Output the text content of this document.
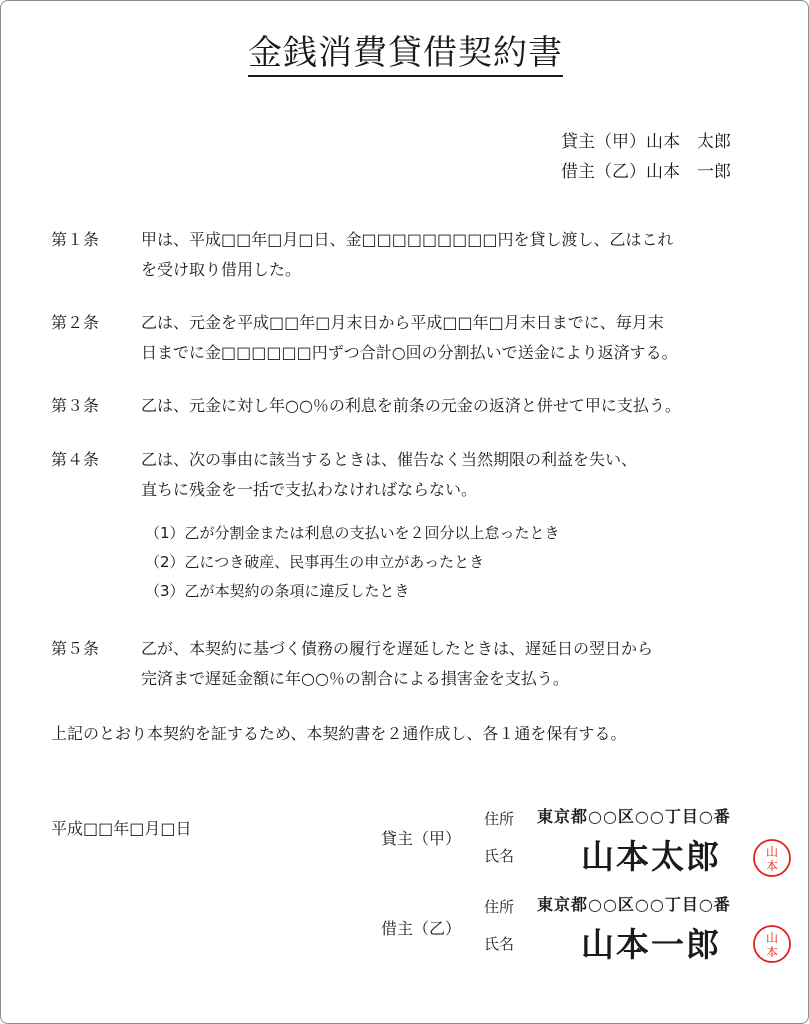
金銭消費貸借契約書
貸主（甲）山本　太郎
借主（乙）山本　一郎
第１条	甲は、平成□□年□月□日、金□□□□□□□□□円を貸し渡し、乙はこれ
を受け取り借用した。
第２条	乙は、元金を平成□□年□月末日から平成□□年□月末日までに、毎月末
日までに金□□□□□□円ずつ合計○回の分割払いで送金により返済する。
第３条	乙は、元金に対し年○○％の利息を前条の元金の返済と併せて甲に支払う。
第４条	乙は、次の事由に該当するときは、催告なく当然期限の利益を失い、
直ちに残金を一括で支払わなければならない。
（1）乙が分割金または利息の支払いを２回分以上怠ったとき
（2）乙につき破産、民事再生の申立があったとき
（3）乙が本契約の条項に違反したとき
第５条	乙が、本契約に基づく債務の履行を遅延したときは、遅延日の翌日から
完済まで遅延金額に年○○％の割合による損害金を支払う。
上記のとおり本契約を証するため、本契約書を２通作成し、各１通を保有する。
平成□□年□月□日
貸主（甲）
住所 東京都○○区○○丁目○番
氏名 山本太郎	山
本
借主（乙）
住所 東京都○○区○○丁目○番
氏名 山本一郎	山
本
